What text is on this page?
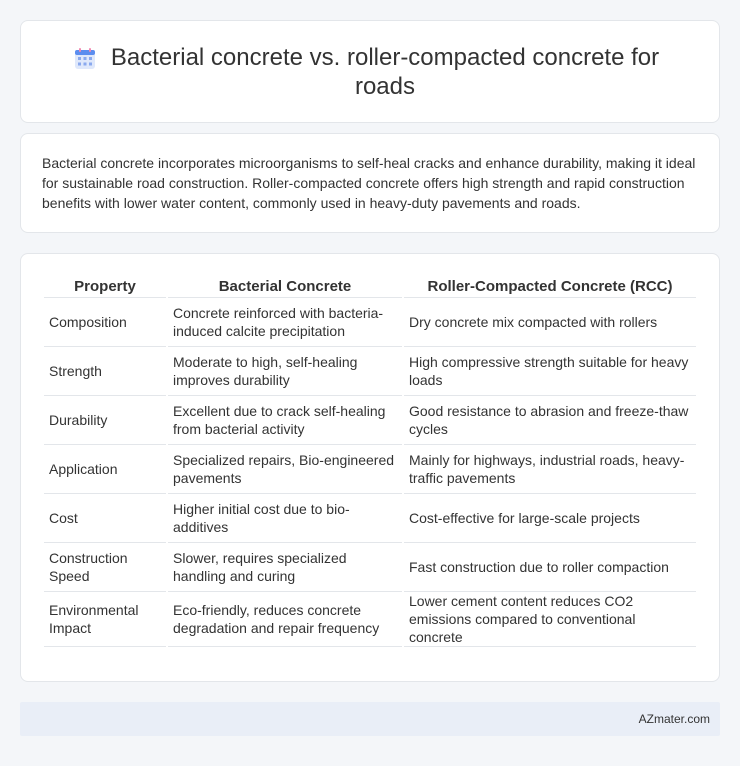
Bacterial concrete vs. roller-compacted concrete for roads

Bacterial concrete incorporates microorganisms to self-heal cracks and enhance durability, making it ideal for sustainable road construction. Roller-compacted concrete offers high strength and rapid construction benefits with lower water content, commonly used in heavy-duty pavements and roads.

Property	Bacterial Concrete	Roller-Compacted Concrete (RCC)
Composition	Concrete reinforced with bacteria-induced calcite precipitation	Dry concrete mix compacted with rollers
Strength	Moderate to high, self-healing improves durability	High compressive strength suitable for heavy loads
Durability	Excellent due to crack self-healing from bacterial activity	Good resistance to abrasion and freeze-thaw cycles
Application	Specialized repairs, Bio-engineered pavements	Mainly for highways, industrial roads, heavy-traffic pavements
Cost	Higher initial cost due to bio-additives	Cost-effective for large-scale projects
Construction Speed	Slower, requires specialized handling and curing	Fast construction due to roller compaction
Environmental Impact	Eco-friendly, reduces concrete degradation and repair frequency	Lower cement content reduces CO2 emissions compared to conventional concrete
AZmater.com
